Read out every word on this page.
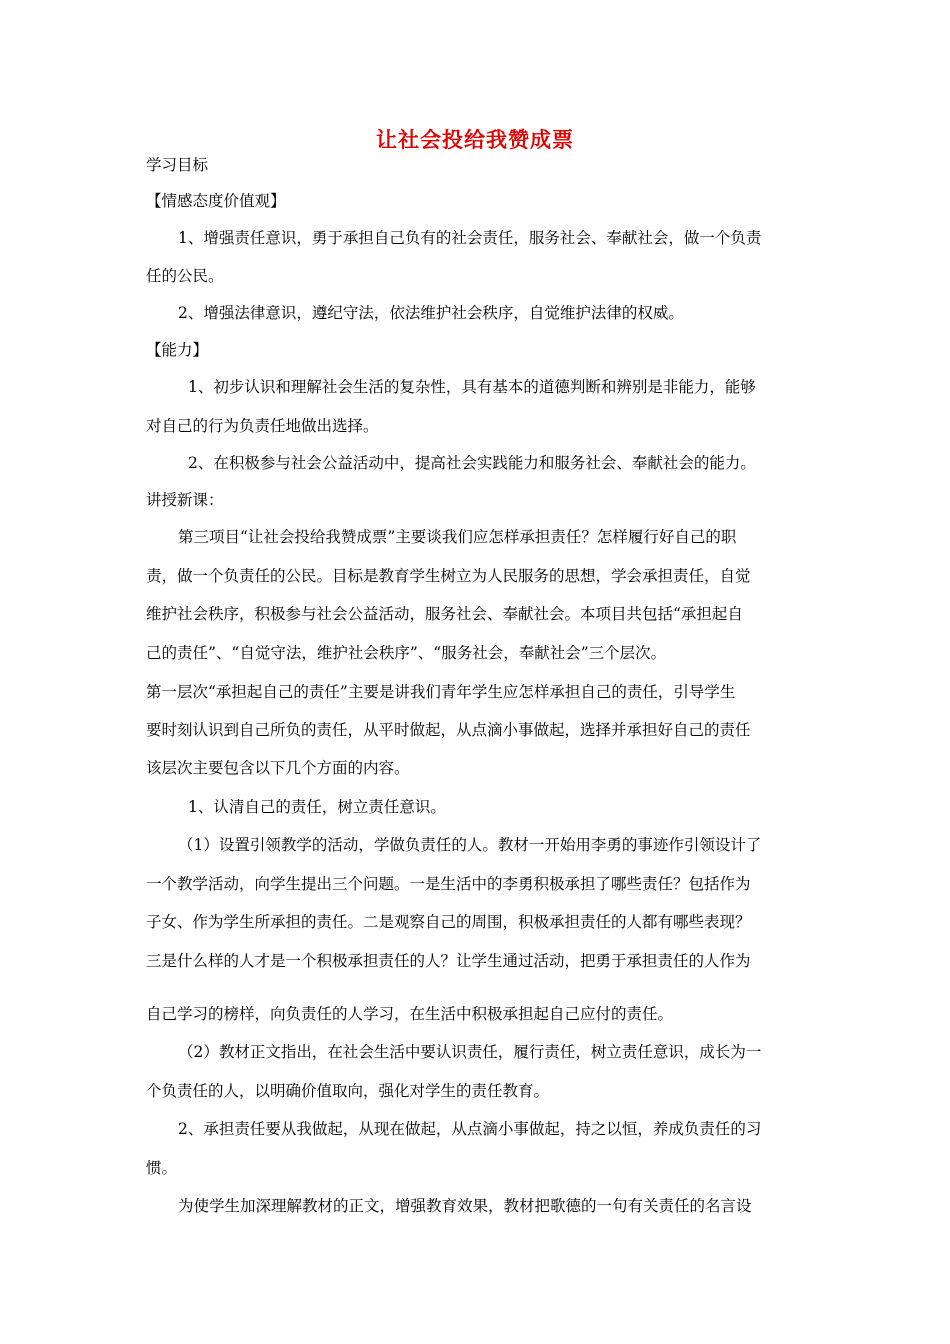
让社会投给我赞成票
学习目标
【情感态度价值观】
1、增强责任意识，勇于承担自己负有的社会责任，服务社会、奉献社会，做一个负责
任的公民。
2、增强法律意识，遵纪守法，依法维护社会秩序，自觉维护法律的权威。
【能力】
1、初步认识和理解社会生活的复杂性，具有基本的道德判断和辨别是非能力，能够
对自己的行为负责任地做出选择。
2、在积极参与社会公益活动中，提高社会实践能力和服务社会、奉献社会的能力。
讲授新课：
第三项目“让社会投给我赞成票”主要谈我们应怎样承担责任？怎样履行好自己的职
责，做一个负责任的公民。目标是教育学生树立为人民服务的思想，学会承担责任，自觉
维护社会秩序，积极参与社会公益活动，服务社会、奉献社会。本项目共包括“承担起自
己的责任”、“自觉守法，维护社会秩序”、“服务社会，奉献社会”三个层次。
第一层次“承担起自己的责任”主要是讲我们青年学生应怎样承担自己的责任，引导学生
要时刻认识到自己所负的责任，从平时做起，从点滴小事做起，选择并承担好自己的责任
该层次主要包含以下几个方面的内容。
1、认清自己的责任，树立责任意识。
（1）设置引领教学的活动，学做负责任的人。教材一开始用李勇的事迹作引领设计了
一个教学活动，向学生提出三个问题。一是生活中的李勇积极承担了哪些责任？包括作为
子女、作为学生所承担的责任。二是观察自己的周围，积极承担责任的人都有哪些表现？
三是什么样的人才是一个积极承担责任的人？让学生通过活动，把勇于承担责任的人作为
自己学习的榜样，向负责任的人学习，在生活中积极承担起自己应付的责任。
（2）教材正文指出，在社会生活中要认识责任，履行责任，树立责任意识，成长为一
个负责任的人，以明确价值取向，强化对学生的责任教育。
2、承担责任要从我做起，从现在做起，从点滴小事做起，持之以恒，养成负责任的习
惯。
为使学生加深理解教材的正文，增强教育效果，教材把歌德的一句有关责任的名言设
